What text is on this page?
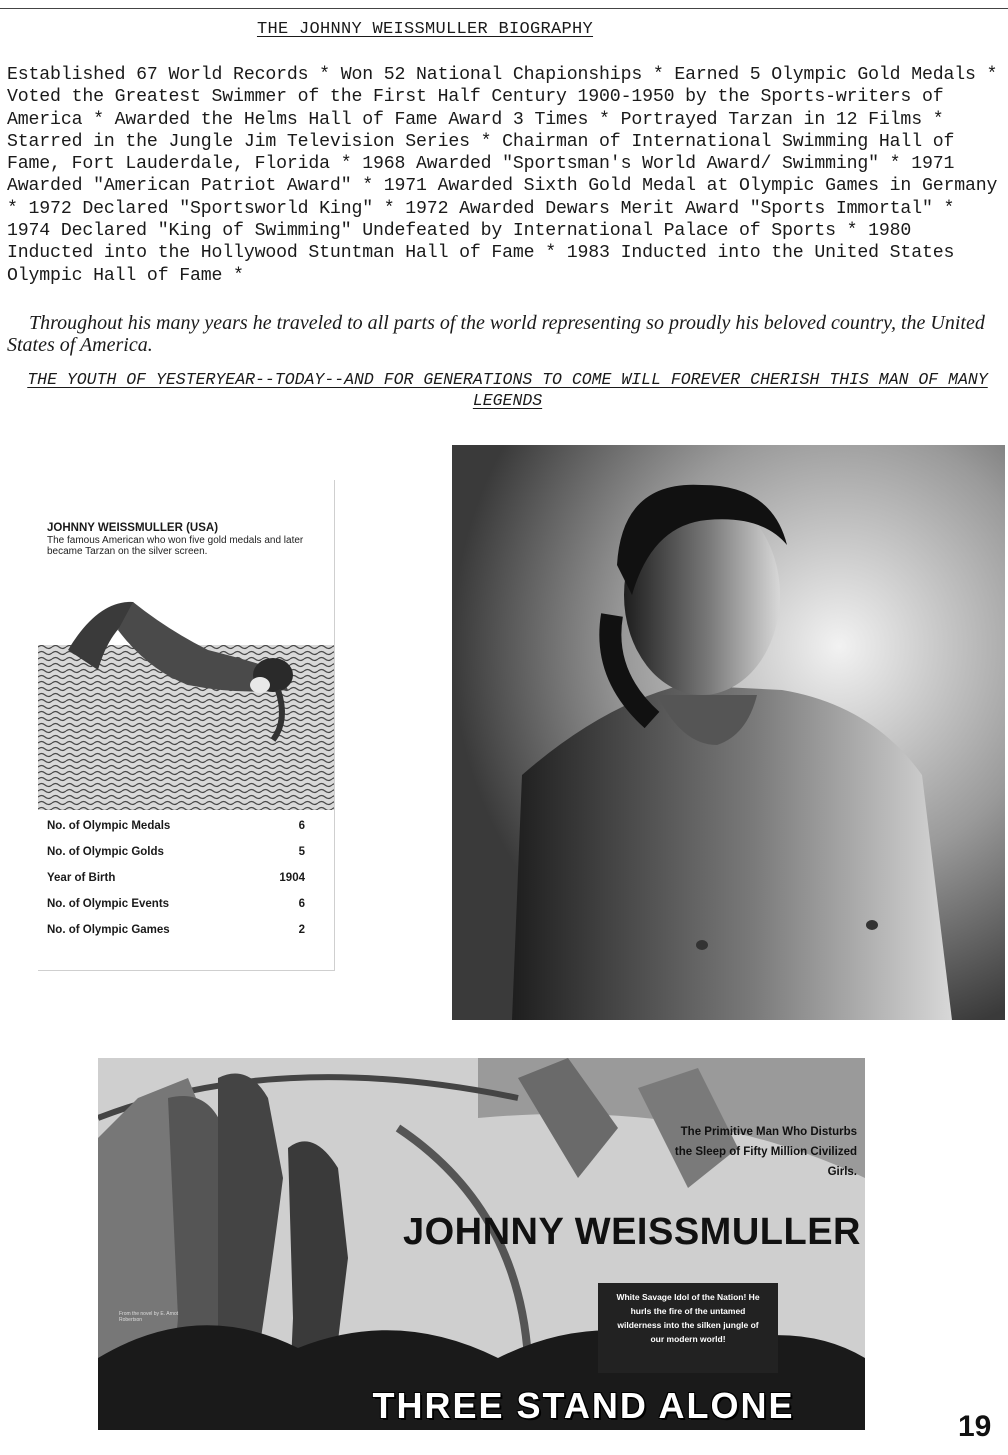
THE JOHNNY WEISSMULLER BIOGRAPHY

Established 67 World Records * Won 52 National Chapionships * Earned 5 Olympic Gold Medals * Voted the Greatest Swimmer of the First Half Century 1900-1950 by the Sports-writers of America * Awarded the Helms Hall of Fame Award 3 Times * Portrayed Tarzan in 12 Films * Starred in the Jungle Jim Television Series * Chairman of International Swimming Hall of Fame, Fort Lauderdale, Florida * 1968 Awarded "Sportsman's World Award/ Swimming" * 1971 Awarded "American Patriot Award" * 1971 Awarded Sixth Gold Medal at Olympic Games in Germany * 1972 Declared "Sportsworld King" * 1972 Awarded Dewars Merit Award "Sports Immortal" * 1974 Declared "King of Swimming" Undefeated by International Palace of Sports * 1980 Inducted into the Hollywood Stuntman Hall of Fame * 1983 Inducted into the United States Olympic Hall of Fame *

Throughout his many years he traveled to all parts of the world representing so proudly his beloved country, the United States of America.

THE YOUTH OF YESTERYEAR--TODAY--AND FOR GENERATIONS TO COME WILL FOREVER CHERISH THIS MAN OF MANY LEGENDS

JOHNNY WEISSMULLER (USA)
The famous American who won five gold medals and later became Tarzan on the silver screen.
No. of Olympic Medals	6
No. of Olympic Golds	5
Year of Birth	1904
No. of Olympic Events	6
No. of Olympic Games	2
The Primitive Man Who Disturbs the Sleep of Fifty Million Civilized Girls.
JOHNNY WEISSMULLER
White Savage Idol of the Nation! He hurls the fire of the untamed wilderness into the silken jungle of our modern world!
From the novel by E. Arnot Robertson
THREE STAND ALONE
19
